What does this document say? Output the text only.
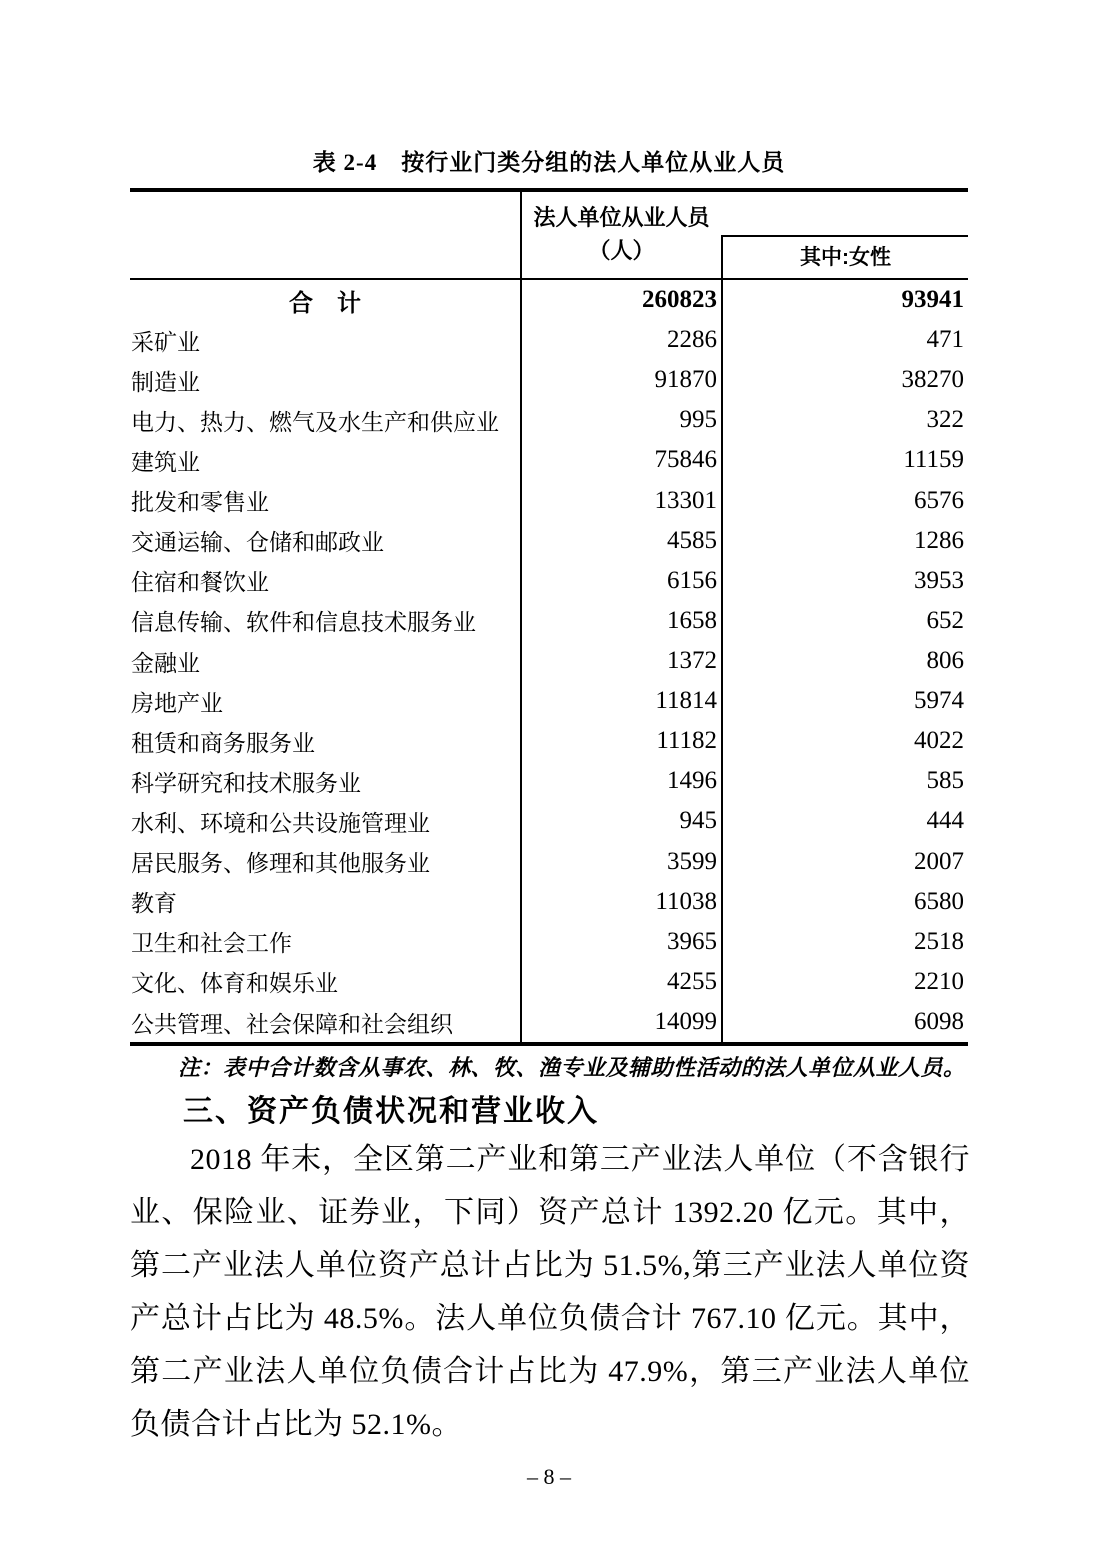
表 2-4　按行业门类分组的法人单位从业人员
法人单位从业人员
（人）	其中:女性
合　计	260823	93941
采矿业	2286	471
制造业	91870	38270
电力、热力、燃气及水生产和供应业	995	322
建筑业	75846	11159
批发和零售业	13301	6576
交通运输、仓储和邮政业	4585	1286
住宿和餐饮业	6156	3953
信息传输、软件和信息技术服务业	1658	652
金融业	1372	806
房地产业	11814	5974
租赁和商务服务业	11182	4022
科学研究和技术服务业	1496	585
水利、环境和公共设施管理业	945	444
居民服务、修理和其他服务业	3599	2007
教育	11038	6580
卫生和社会工作	3965	2518
文化、体育和娱乐业	4255	2210
公共管理、社会保障和社会组织	14099	6098
注：表中合计数含从事农、林、牧、渔专业及辅助性活动的法人单位从业人员。
三、资产负债状况和营业收入
2018 年末，全区第二产业和第三产业法人单位（不含银行业、保险业、证券业，下同）资产总计 1392.20 亿元。其中，第二产业法人单位资产总计占比为 51.5%,第三产业法人单位资产总计占比为 48.5%。法人单位负债合计 767.10 亿元。其中，第二产业法人单位负债合计占比为 47.9%，第三产业法人单位负债合计占比为 52.1%。
– 8 –
